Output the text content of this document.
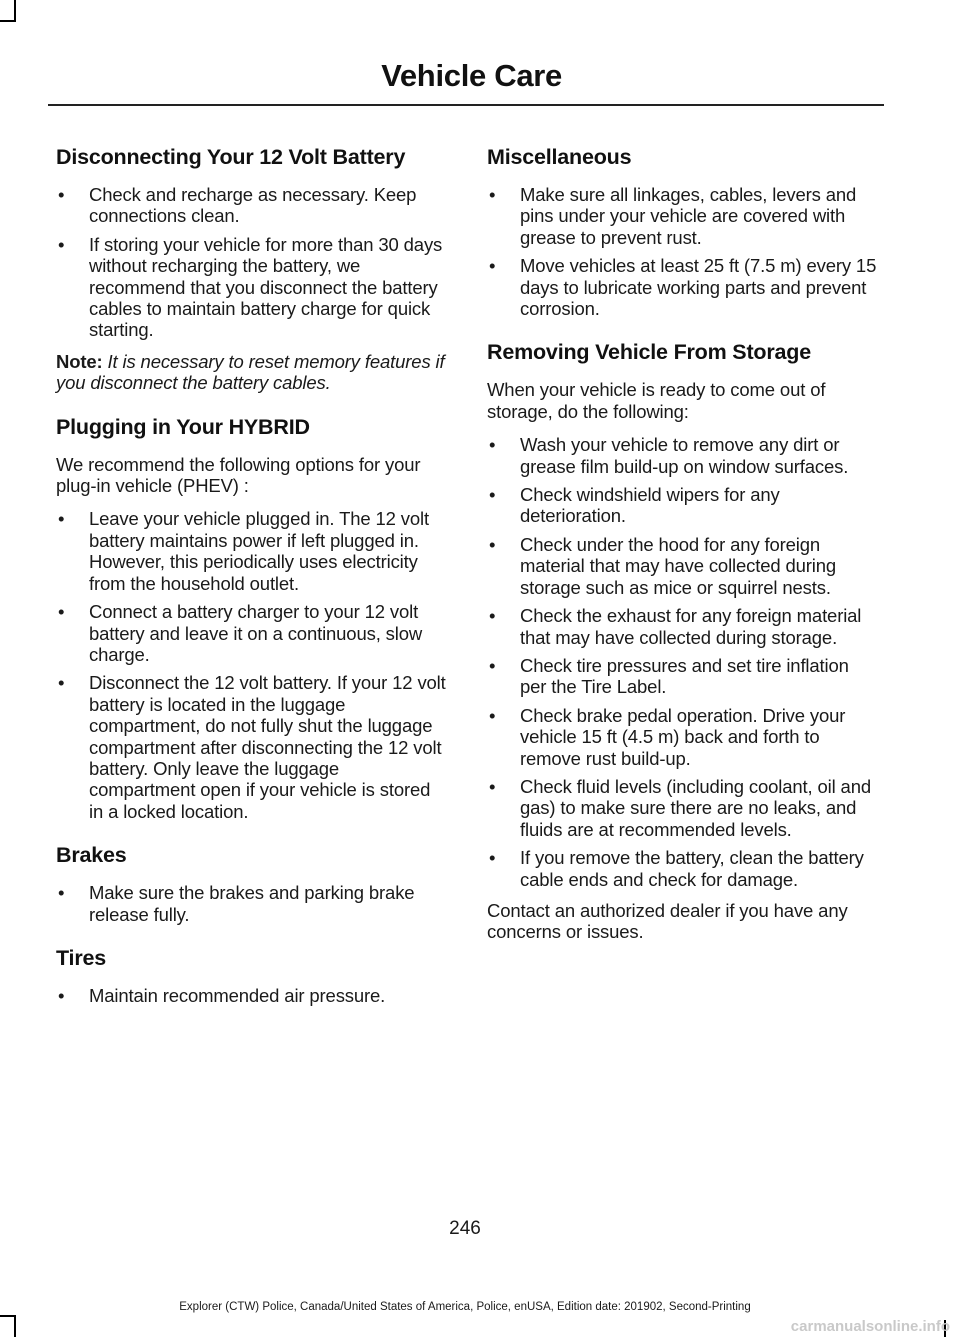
Vehicle Care
Disconnecting Your 12 Volt Battery
• Check and recharge as necessary. Keep connections clean.
• If storing your vehicle for more than 30 days without recharging the battery, we recommend that you disconnect the battery cables to maintain battery charge for quick starting.

Note: It is necessary to reset memory features if you disconnect the battery cables.

Plugging in Your HYBRID

We recommend the following options for your plug-in vehicle (PHEV) :

• Leave your vehicle plugged in. The 12 volt battery maintains power if left plugged in. However, this periodically uses electricity from the household outlet.
• Connect a battery charger to your 12 volt battery and leave it on a continuous, slow charge.
• Disconnect the 12 volt battery. If your 12 volt battery is located in the luggage compartment, do not fully shut the luggage compartment after disconnecting the 12 volt battery. Only leave the luggage compartment open if your vehicle is stored in a locked location.
Brakes
• Make sure the brakes and parking brake release fully.
Tires
• Maintain recommended air pressure.
Miscellaneous
• Make sure all linkages, cables, levers and pins under your vehicle are covered with grease to prevent rust.
• Move vehicles at least 25 ft (7.5 m) every 15 days to lubricate working parts and prevent corrosion.
Removing Vehicle From Storage

When your vehicle is ready to come out of storage, do the following:

• Wash your vehicle to remove any dirt or grease film build-up on window surfaces.
• Check windshield wipers for any deterioration.
• Check under the hood for any foreign material that may have collected during storage such as mice or squirrel nests.
• Check the exhaust for any foreign material that may have collected during storage.
• Check tire pressures and set tire inflation per the Tire Label.
• Check brake pedal operation. Drive your vehicle 15 ft (4.5 m) back and forth to remove rust build-up.
• Check fluid levels (including coolant, oil and gas) to make sure there are no leaks, and fluids are at recommended levels.
• If you remove the battery, clean the battery cable ends and check for damage.

Contact an authorized dealer if you have any concerns or issues.

246
Explorer (CTW) Police, Canada/United States of America, Police, enUSA, Edition date: 201902, Second-Printing
carmanualsonline.info
